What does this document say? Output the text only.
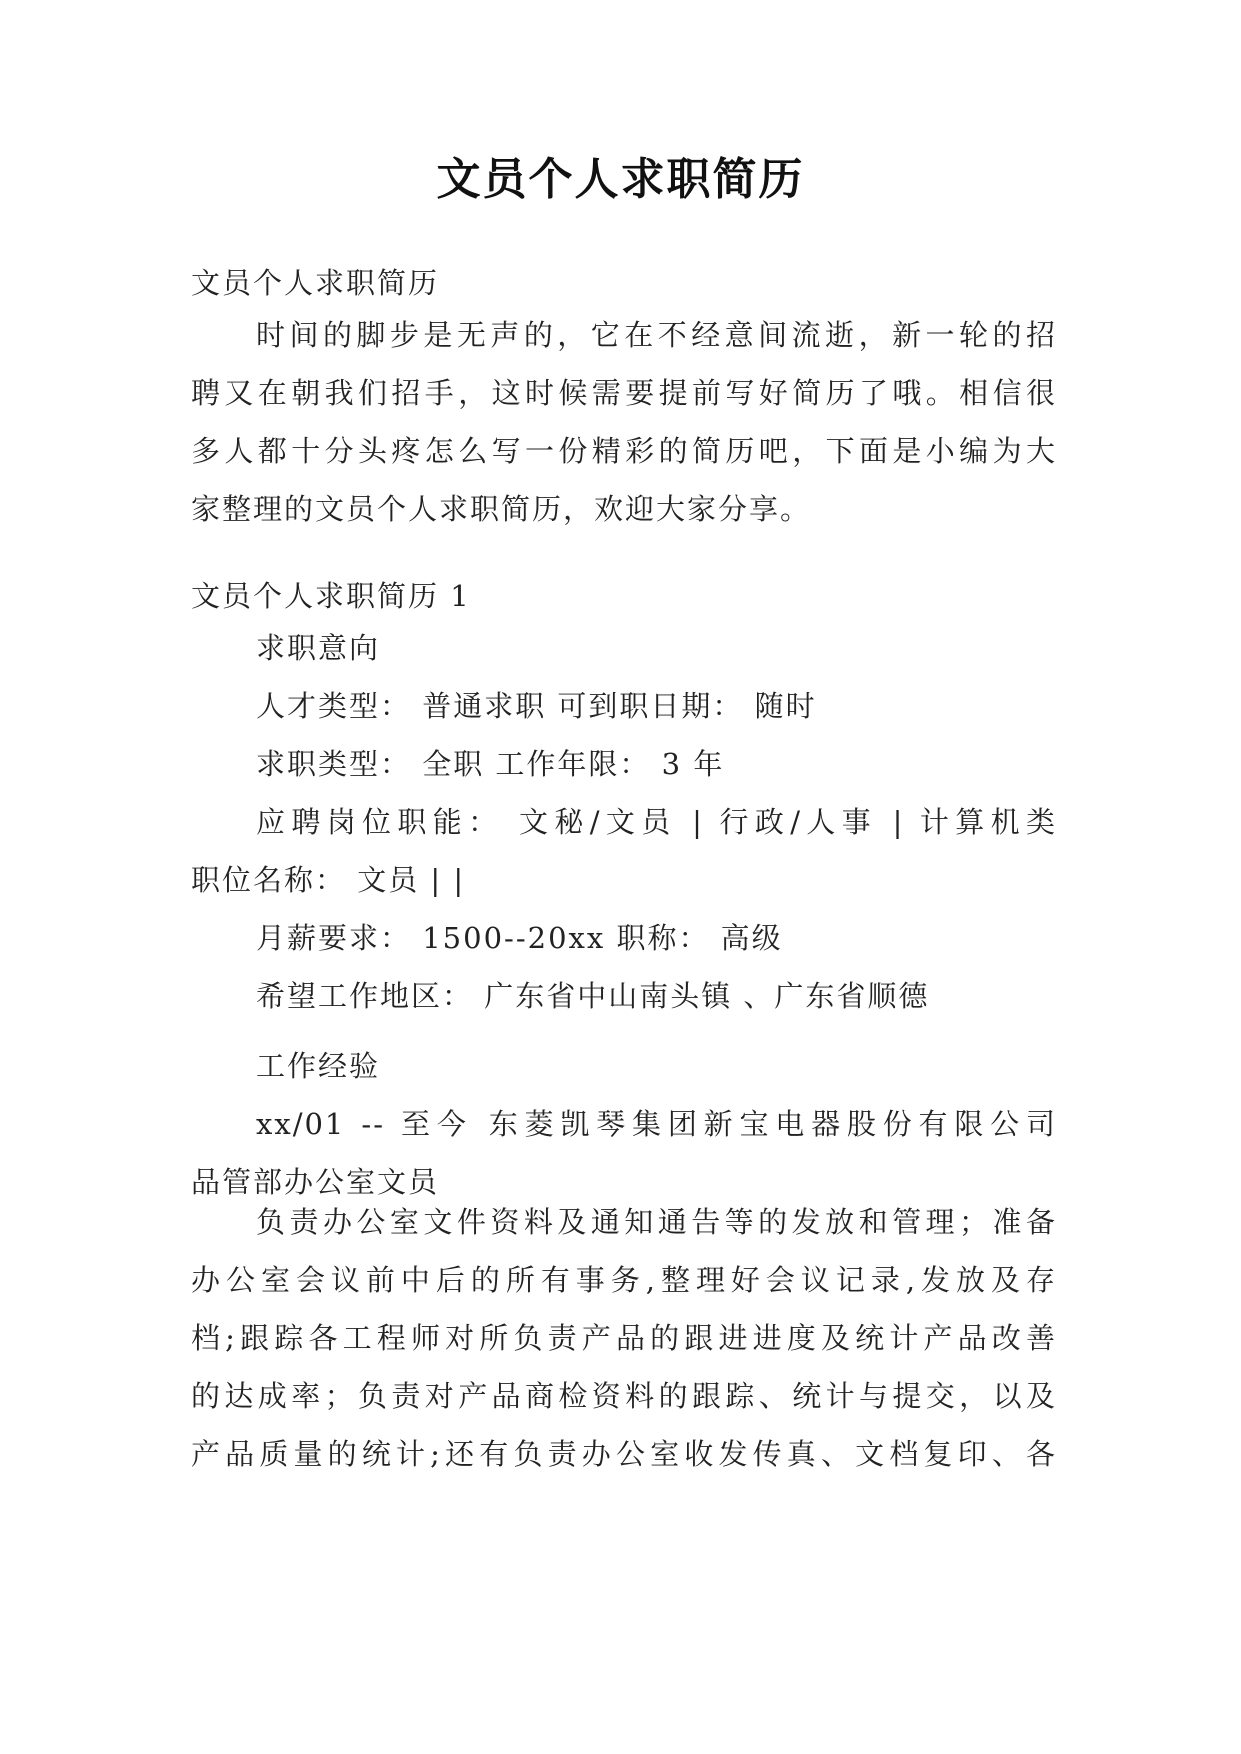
文员个人求职简历
文员个人求职简历
时间的脚步是无声的，它在不经意间流逝，新一轮的招
聘又在朝我们招手，这时候需要提前写好简历了哦。相信很
多人都十分头疼怎么写一份精彩的简历吧，下面是小编为大
家整理的文员个人求职简历，欢迎大家分享。
文员个人求职简历 1
求职意向
人才类型： 普通求职 可到职日期： 随时
求职类型： 全职 工作年限： 3 年
应聘岗位职能： 文秘/文员 | 行政/人事 | 计算机类
职位名称： 文员 | |
月薪要求： 1500--20xx 职称： 高级
希望工作地区： 广东省中山南头镇 、广东省顺德
工作经验
xx/01 -- 至今 东菱凯琴集团新宝电器股份有限公司
品管部办公室文员
负责办公室文件资料及通知通告等的发放和管理；准备
办公室会议前中后的所有事务,整理好会议记录,发放及存
档;跟踪各工程师对所负责产品的跟进进度及统计产品改善
的达成率；负责对产品商检资料的跟踪、统计与提交，以及
产品质量的统计;还有负责办公室收发传真、文档复印、各
